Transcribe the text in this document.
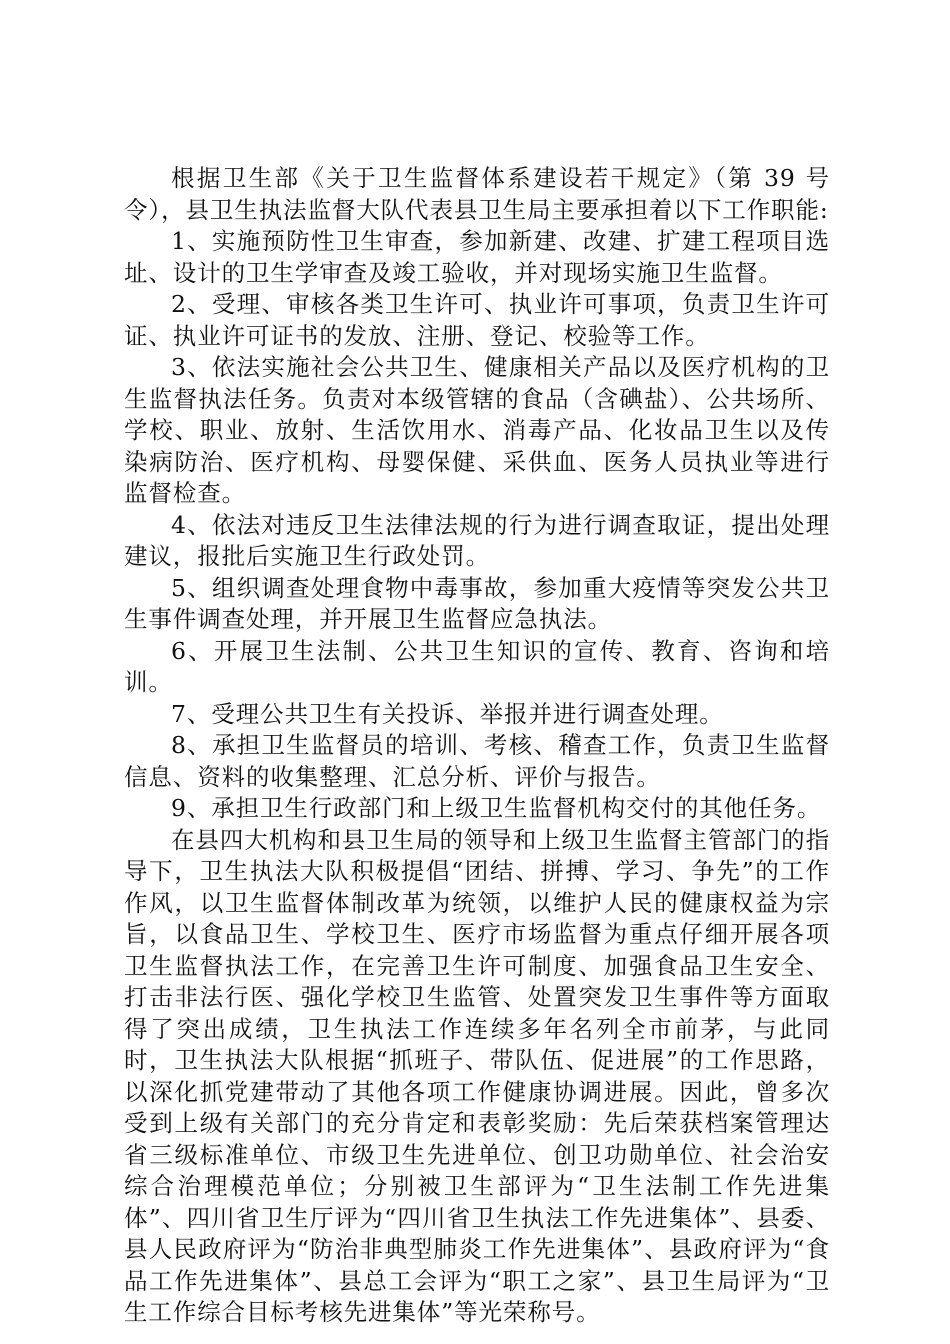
根据卫生部《关于卫生监督体系建设若干规定》（第 39 号令），县卫生执法监督大队代表县卫生局主要承担着以下工作职能:

1、实施预防性卫生审查，参加新建、改建、扩建工程项目选址、设计的卫生学审查及竣工验收，并对现场实施卫生监督。

2、受理、审核各类卫生许可、执业许可事项，负责卫生许可证、执业许可证书的发放、注册、登记、校验等工作。

3、依法实施社会公共卫生、健康相关产品以及医疗机构的卫生监督执法任务。负责对本级管辖的食品（含碘盐）、公共场所、学校、职业、放射、生活饮用水、消毒产品、化妆品卫生以及传染病防治、医疗机构、母婴保健、采供血、医务人员执业等进行监督检查。

4、依法对违反卫生法律法规的行为进行调查取证，提出处理建议，报批后实施卫生行政处罚。

5、组织调查处理食物中毒事故，参加重大疫情等突发公共卫生事件调查处理，并开展卫生监督应急执法。

6、开展卫生法制、公共卫生知识的宣传、教育、咨询和培训。

7、受理公共卫生有关投诉、举报并进行调查处理。

8、承担卫生监督员的培训、考核、稽查工作，负责卫生监督信息、资料的收集整理、汇总分析、评价与报告。

9、承担卫生行政部门和上级卫生监督机构交付的其他任务。

在县四大机构和县卫生局的领导和上级卫生监督主管部门的指导下，卫生执法大队积极提倡“团结、拼搏、学习、争先”的工作作风，以卫生监督体制改革为统领，以维护人民的健康权益为宗旨，以食品卫生、学校卫生、医疗市场监督为重点仔细开展各项卫生监督执法工作，在完善卫生许可制度、加强食品卫生安全、打击非法行医、强化学校卫生监管、处置突发卫生事件等方面取得了突出成绩，卫生执法工作连续多年名列全市前茅，与此同时，卫生执法大队根据“抓班子、带队伍、促进展”的工作思路，以深化抓党建带动了其他各项工作健康协调进展。因此，曾多次受到上级有关部门的充分肯定和表彰奖励：先后荣获档案管理达省三级标准单位、市级卫生先进单位、创卫功勋单位、社会治安综合治理模范单位；分别被卫生部评为“卫生法制工作先进集体”、四川省卫生厅评为“四川省卫生执法工作先进集体”、县委、县人民政府评为“防治非典型肺炎工作先进集体”、县政府评为“食品工作先进集体”、县总工会评为“职工之家”、县卫生局评为“卫生工作综合目标考核先进集体”等光荣称号。
